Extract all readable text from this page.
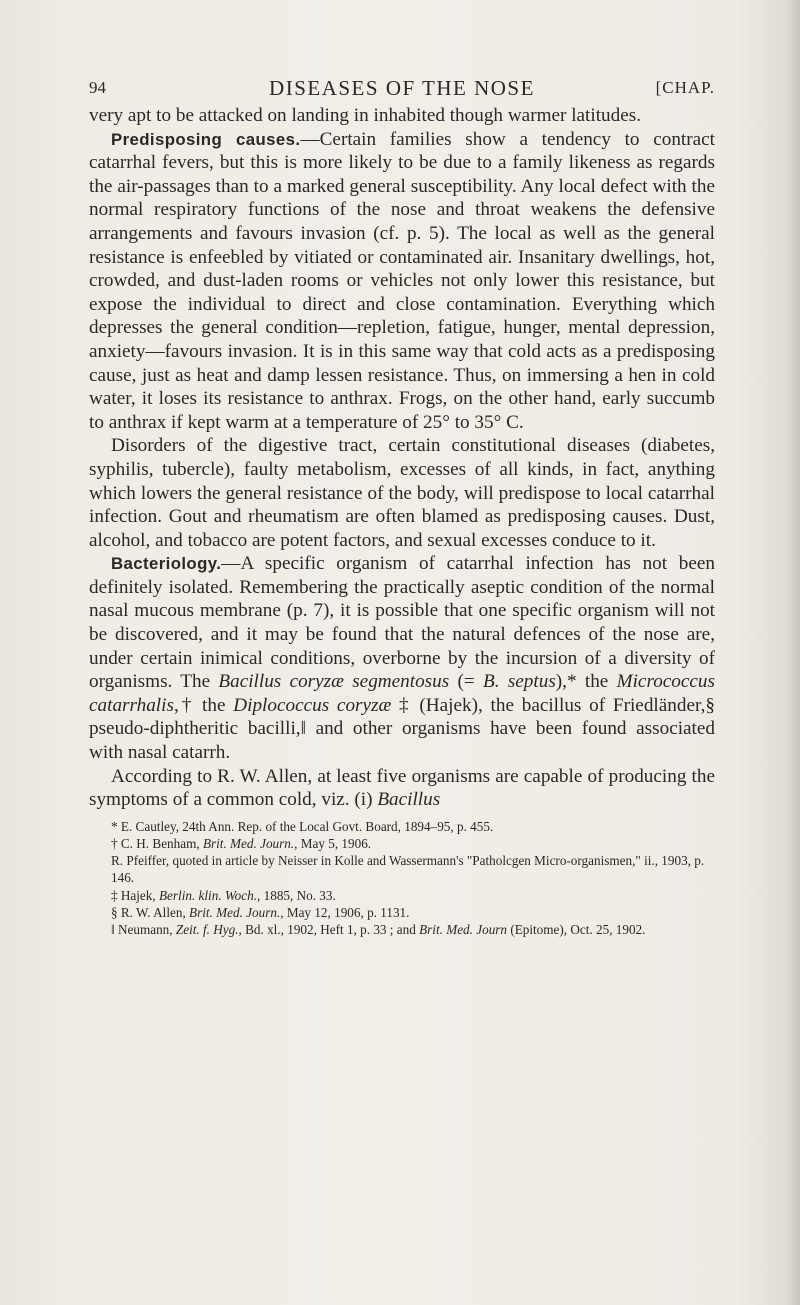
94	DISEASES OF THE NOSE	[CHAP.

very apt to be attacked on landing in inhabited though warmer latitudes.

Predisposing causes.—Certain families show a tendency to contract catarrhal fevers, but this is more likely to be due to a family likeness as regards the air-passages than to a marked general susceptibility. Any local defect with the normal respiratory functions of the nose and throat weakens the defensive arrangements and favours invasion (cf. p. 5). The local as well as the general resistance is enfeebled by vitiated or contaminated air. Insanitary dwellings, hot, crowded, and dust-laden rooms or vehicles not only lower this resistance, but expose the individual to direct and close contamination. Everything which depresses the general condition—repletion, fatigue, hunger, mental depression, anxiety—favours invasion. It is in this same way that cold acts as a predisposing cause, just as heat and damp lessen resistance. Thus, on immersing a hen in cold water, it loses its resistance to anthrax. Frogs, on the other hand, early succumb to anthrax if kept warm at a temperature of 25° to 35° C.

Disorders of the digestive tract, certain constitutional diseases (diabetes, syphilis, tubercle), faulty metabolism, excesses of all kinds, in fact, anything which lowers the general resistance of the body, will predispose to local catarrhal infection. Gout and rheumatism are often blamed as predisposing causes. Dust, alcohol, and tobacco are potent factors, and sexual excesses conduce to it.

Bacteriology.—A specific organism of catarrhal infection has not been definitely isolated. Remembering the practically aseptic condition of the normal nasal mucous membrane (p. 7), it is possible that one specific organism will not be discovered, and it may be found that the natural defences of the nose are, under certain inimical conditions, overborne by the incursion of a diversity of organisms. The Bacillus coryzæ segmentosus (= B. septus),* the Micrococcus catarrhalis,† the Diplococcus coryzæ ‡ (Hajek), the bacillus of Friedländer,§ pseudo-diphtheritic bacilli,‖ and other organisms have been found associated with nasal catarrh.

According to R. W. Allen, at least five organisms are capable of producing the symptoms of a common cold, viz. (i) Bacillus

* E. Cautley, 24th Ann. Rep. of the Local Govt. Board, 1894–95, p. 455.

† C. H. Benham, Brit. Med. Journ., May 5, 1906.

R. Pfeiffer, quoted in article by Neisser in Kolle and Wassermann's "Patholcgen Micro-organismen," ii., 1903, p. 146.

‡ Hajek, Berlin. klin. Woch., 1885, No. 33.

§ R. W. Allen, Brit. Med. Journ., May 12, 1906, p. 1131.

‖ Neumann, Zeit. f. Hyg., Bd. xl., 1902, Heft 1, p. 33 ; and Brit. Med. Journ (Epitome), Oct. 25, 1902.
